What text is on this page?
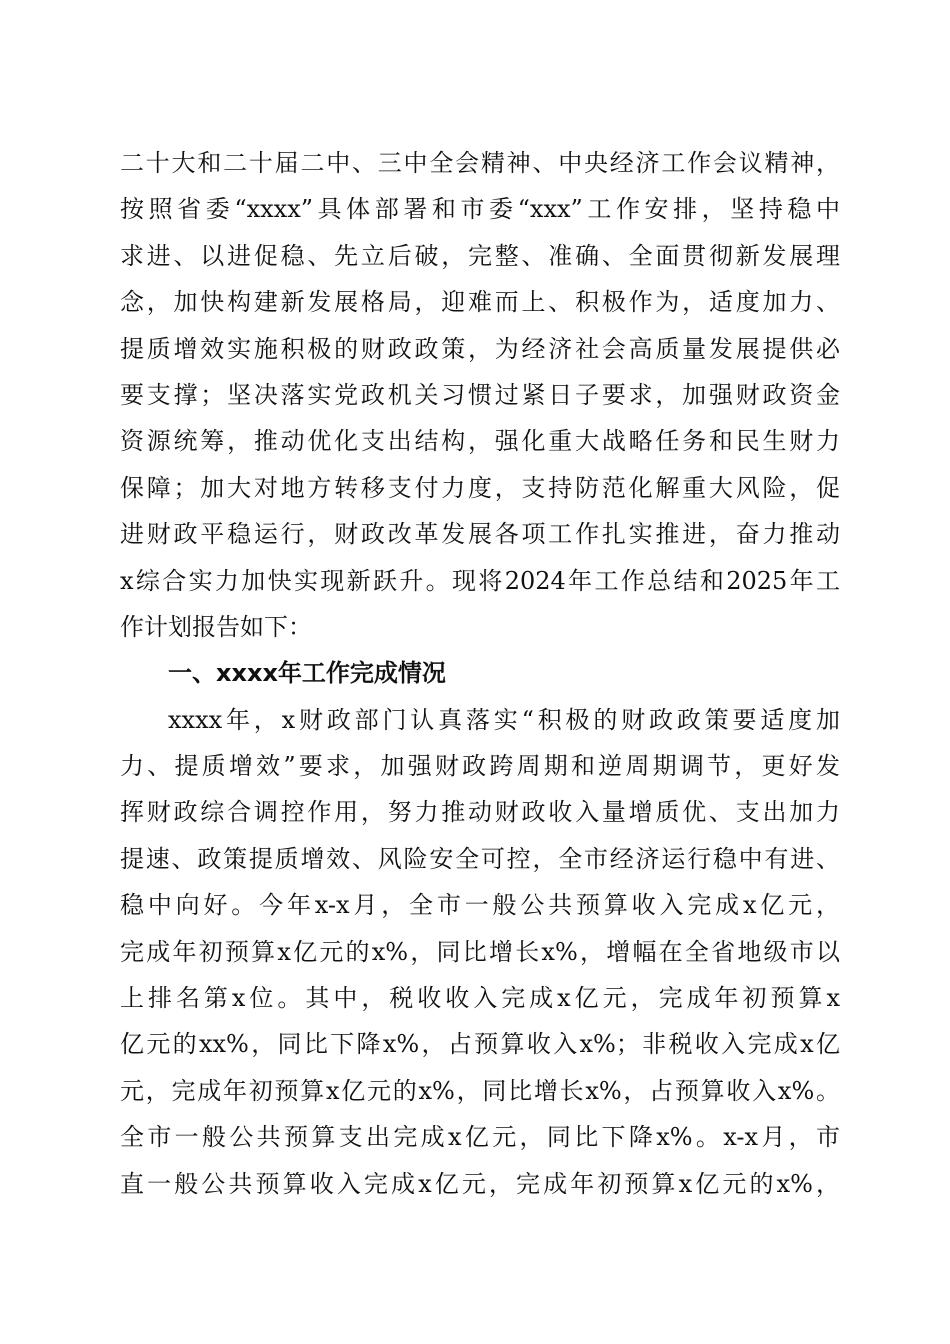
二十大和二十届二中、三中全会精神、中央经济工作会议精神，
按照省委“xxxx”具体部署和市委“xxx”工作安排，坚持稳中
求进、以进促稳、先立后破，完整、准确、全面贯彻新发展理
念，加快构建新发展格局，迎难而上、积极作为，适度加力、
提质增效实施积极的财政政策，为经济社会高质量发展提供必
要支撑；坚决落实党政机关习惯过紧日子要求，加强财政资金
资源统筹，推动优化支出结构，强化重大战略任务和民生财力
保障；加大对地方转移支付力度，支持防范化解重大风险，促
进财政平稳运行，财政改革发展各项工作扎实推进，奋力推动
x综合实力加快实现新跃升。现将2024年工作总结和2025年工
作计划报告如下：
一、xxxx年工作完成情况
xxxx年，x财政部门认真落实“积极的财政政策要适度加
力、提质增效”要求，加强财政跨周期和逆周期调节，更好发
挥财政综合调控作用，努力推动财政收入量增质优、支出加力
提速、政策提质增效、风险安全可控，全市经济运行稳中有进、
稳中向好。今年x-x月，全市一般公共预算收入完成x亿元，
完成年初预算x亿元的x%，同比增长x%，增幅在全省地级市以
上排名第x位。其中，税收收入完成x亿元，完成年初预算x
亿元的xx%，同比下降x%，占预算收入x%；非税收入完成x亿
元，完成年初预算x亿元的x%，同比增长x%，占预算收入x%。
全市一般公共预算支出完成x亿元，同比下降x%。x-x月，市
直一般公共预算收入完成x亿元，完成年初预算x亿元的x%，
